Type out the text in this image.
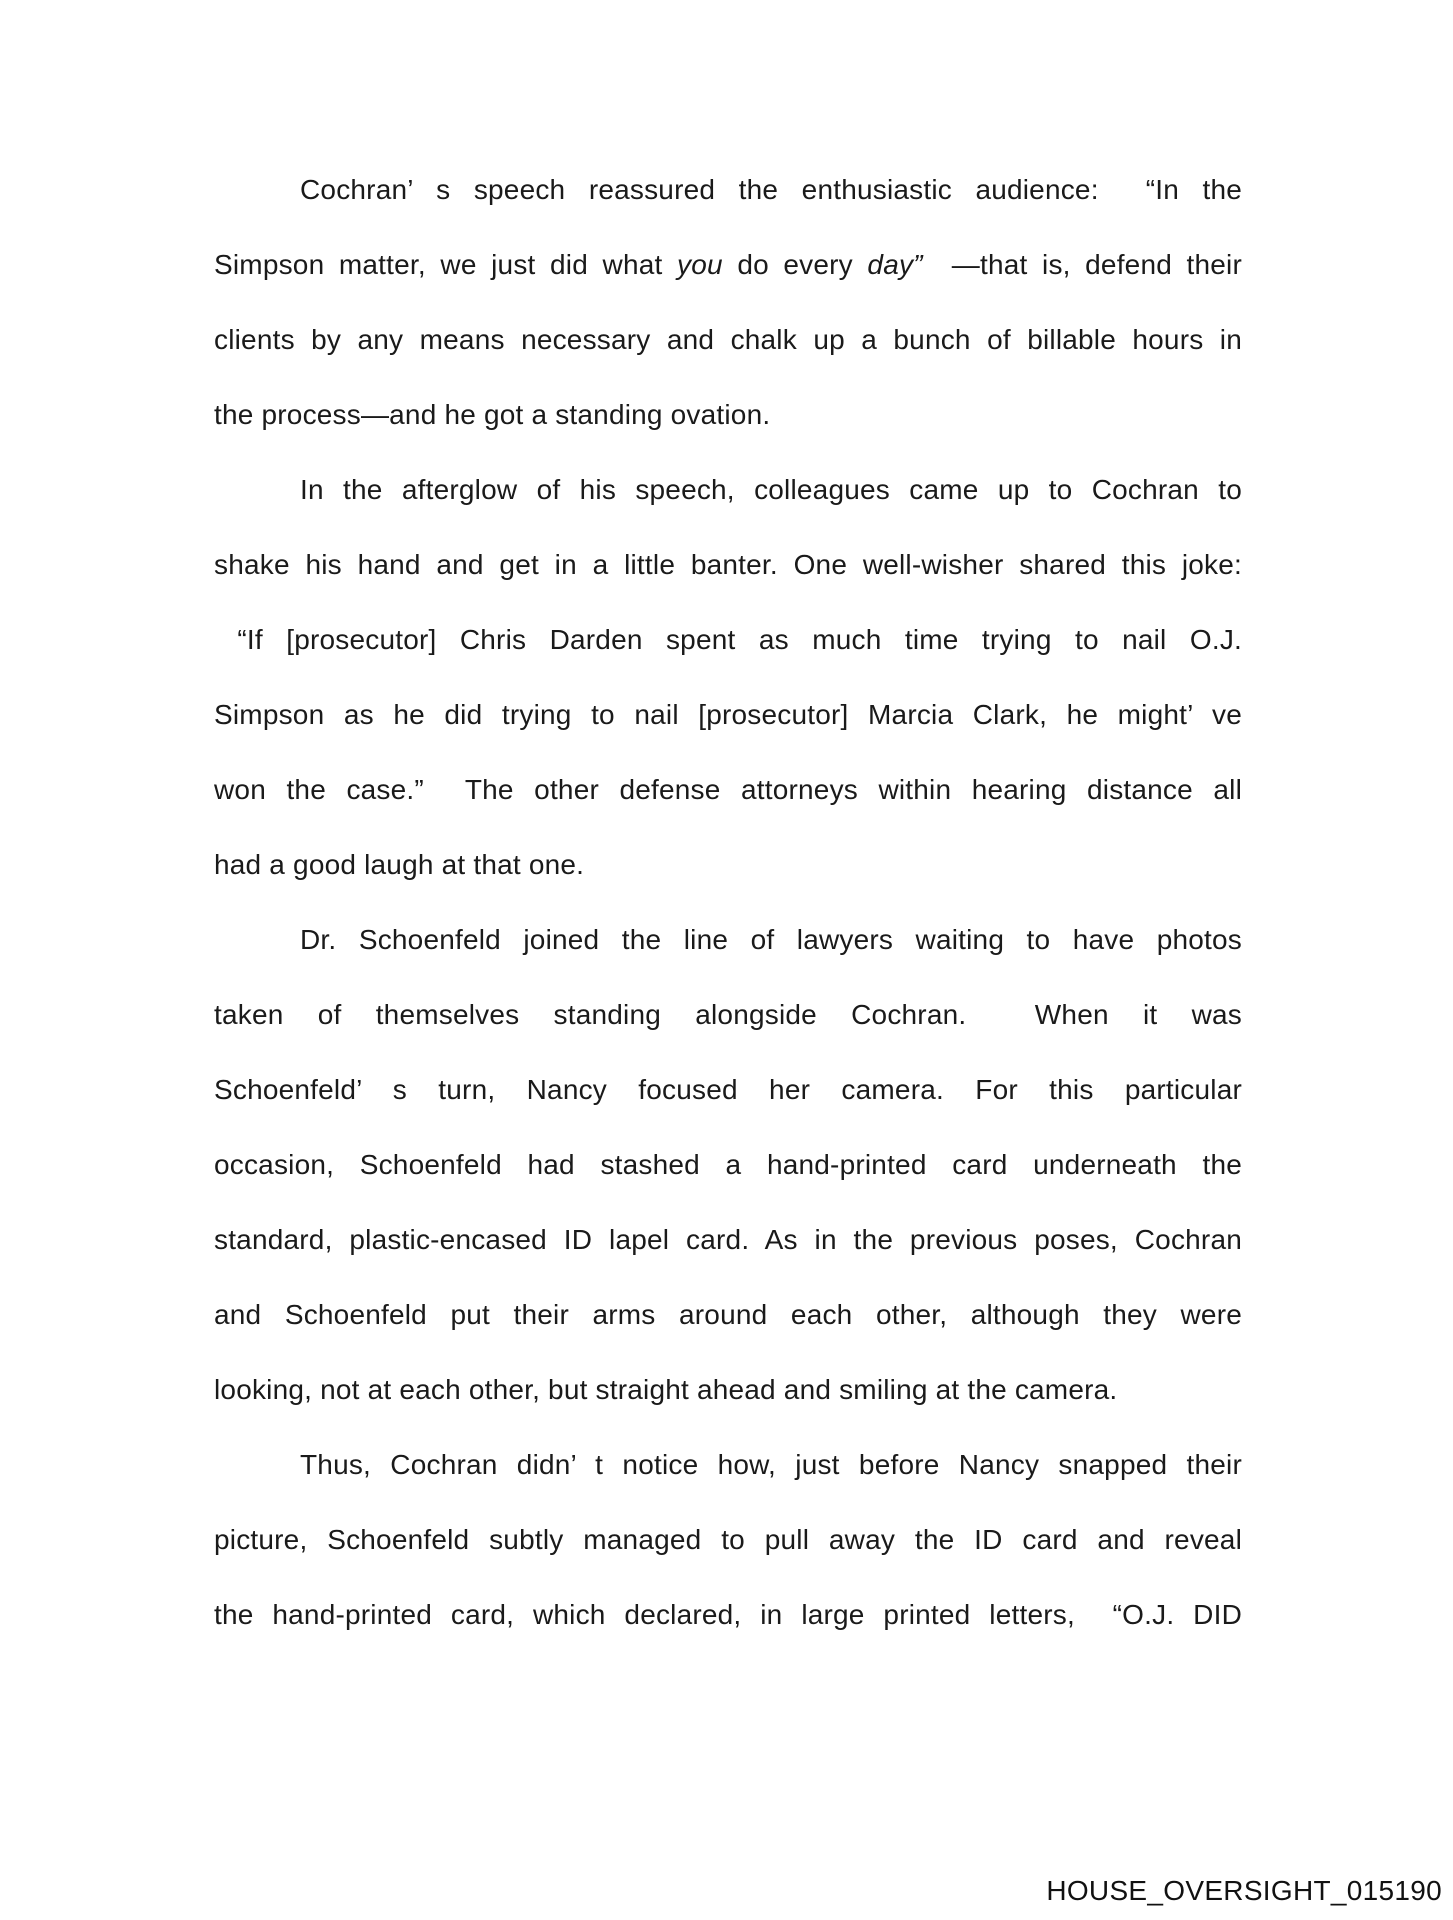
Cochran’ s speech reassured the enthusiastic audience:  “In the
Simpson matter, we just did what you do every day”  —that is, defend their
clients by any means necessary and chalk up a bunch of billable hours in
the process—and he got a standing ovation.
In the afterglow of his speech, colleagues came up to Cochran to
shake his hand and get in a little banter. One well-wisher shared this joke:
“If [prosecutor] Chris Darden spent as much time trying to nail O.J.
Simpson as he did trying to nail [prosecutor] Marcia Clark, he might’ ve
won the case.”  The other defense attorneys within hearing distance all
had a good laugh at that one.
Dr. Schoenfeld joined the line of lawyers waiting to have photos
taken of themselves standing alongside Cochran.  When it was
Schoenfeld’ s turn, Nancy focused her camera. For this particular
occasion, Schoenfeld had stashed a hand-printed card underneath the
standard, plastic-encased ID lapel card. As in the previous poses, Cochran
and Schoenfeld put their arms around each other, although they were
looking, not at each other, but straight ahead and smiling at the camera.
Thus, Cochran didn’ t notice how, just before Nancy snapped their
picture, Schoenfeld subtly managed to pull away the ID card and reveal
the hand-printed card, which declared, in large printed letters,  “O.J. DID
HOUSE_OVERSIGHT_015190
